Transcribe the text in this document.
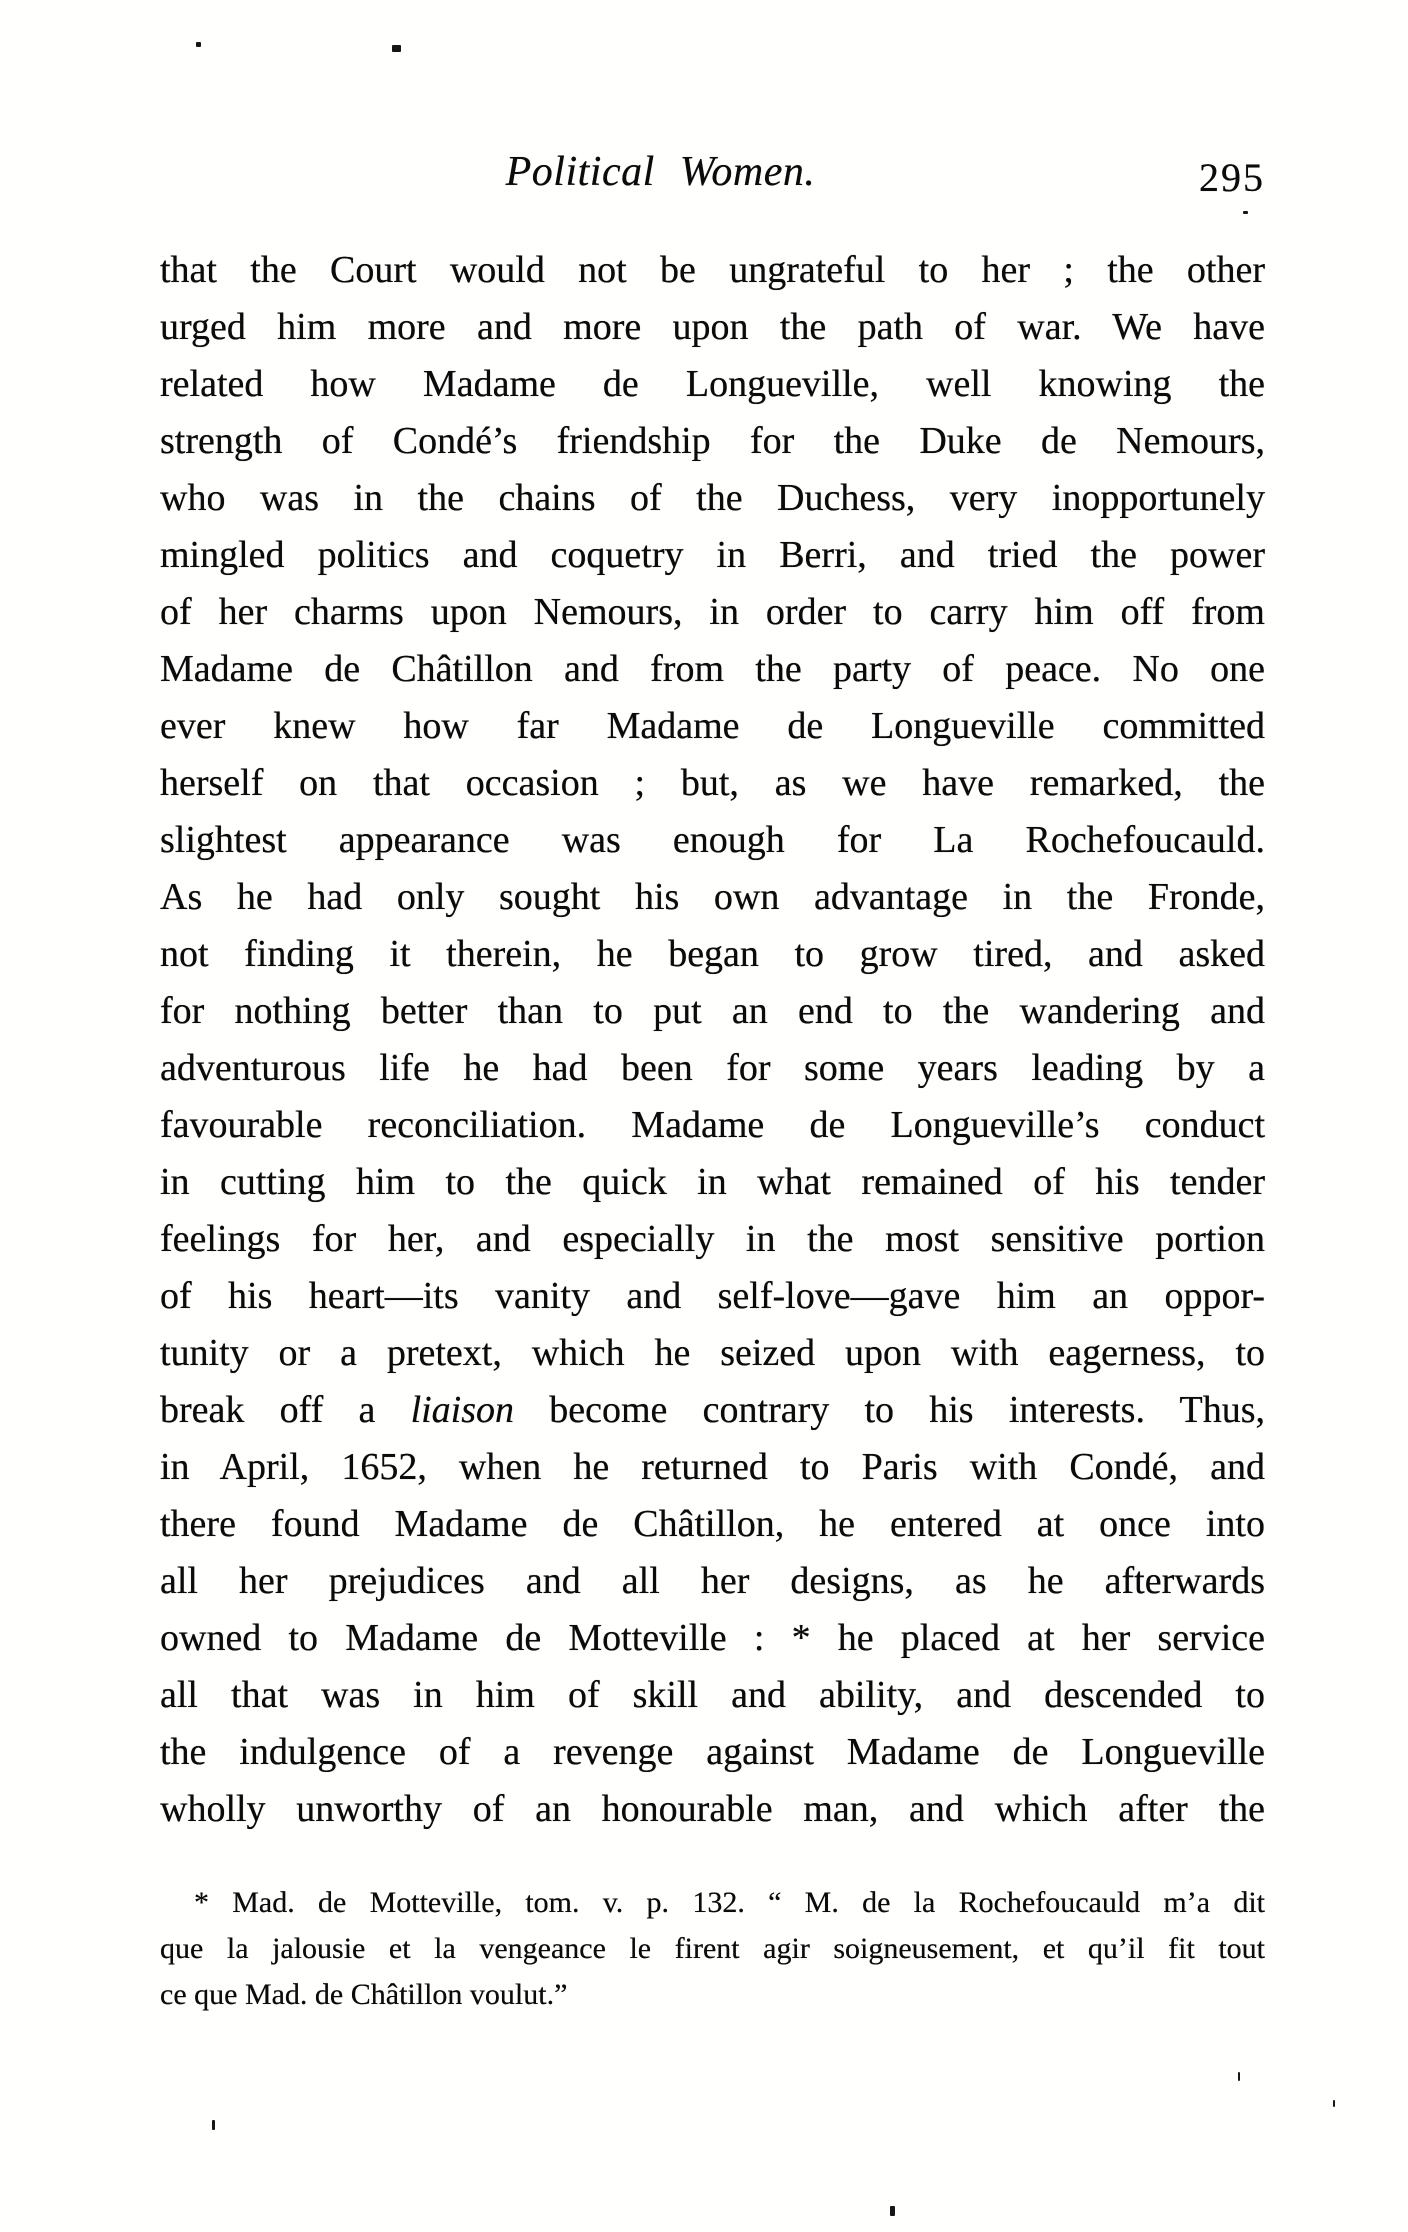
Political Women.	295
that the Court would not be ungrateful to her ; the other
urged him more and more upon the path of war. We have
related how Madame de Longueville, well knowing the
strength of Condé’s friendship for the Duke de Nemours,
who was in the chains of the Duchess, very inopportunely
mingled politics and coquetry in Berri, and tried the power
of her charms upon Nemours, in order to carry him off from
Madame de Châtillon and from the party of peace. No one
ever knew how far Madame de Longueville committed
herself on that occasion ; but, as we have remarked, the
slightest appearance was enough for La Rochefoucauld.
As he had only sought his own advantage in the Fronde,
not finding it therein, he began to grow tired, and asked
for nothing better than to put an end to the wandering and
adventurous life he had been for some years leading by a
favourable reconciliation. Madame de Longueville’s conduct
in cutting him to the quick in what remained of his tender
feelings for her, and especially in the most sensitive portion
of his heart—its vanity and self-love—gave him an oppor-
tunity or a pretext, which he seized upon with eagerness, to
break off a liaison become contrary to his interests. Thus,
in April, 1652, when he returned to Paris with Condé, and
there found Madame de Châtillon, he entered at once into
all her prejudices and all her designs, as he afterwards
owned to Madame de Motteville : * he placed at her service
all that was in him of skill and ability, and descended to
the indulgence of a revenge against Madame de Longueville
wholly unworthy of an honourable man, and which after the
* Mad. de Motteville, tom. v. p. 132. “ M. de la Rochefoucauld m’a dit
que la jalousie et la vengeance le firent agir soigneusement, et qu’il fit tout
ce que Mad. de Châtillon voulut.”
